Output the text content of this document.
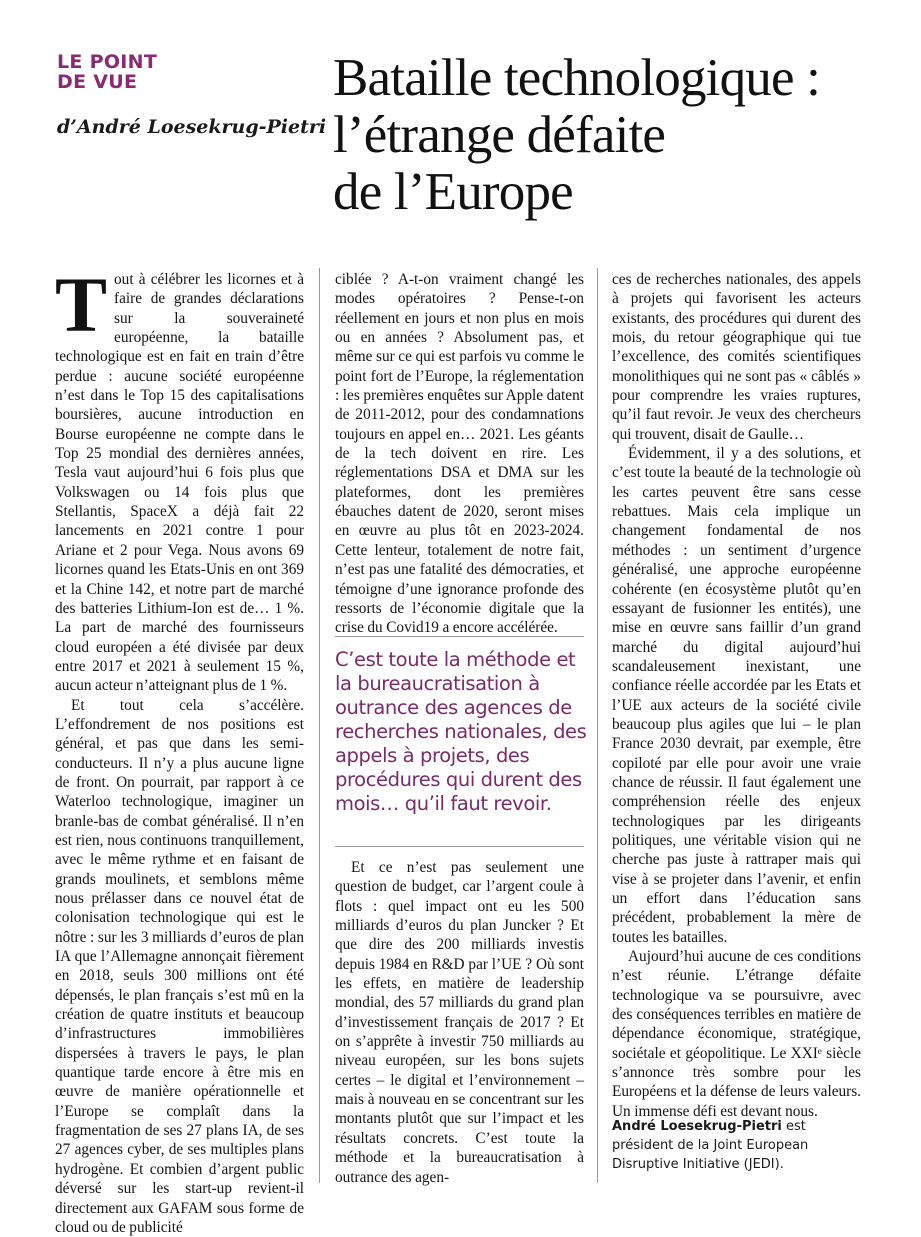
LE POINT
DE VUE
d’André Loesekrug-Pietri
Bataille technologique :
l’étrange défaite
de l’Europe

Tout à célébrer les licornes et à faire de grandes déclarations sur la souveraineté européenne, la bataille technologique est en fait en train d’être perdue : aucune société européenne n’est dans le Top 15 des capitalisations boursières, aucune introduction en Bourse européenne ne compte dans le Top 25 mondial des dernières années, Tesla vaut aujourd’hui 6 fois plus que Volkswagen ou 14 fois plus que Stellantis, SpaceX a déjà fait 22 lancements en 2021 contre 1 pour Ariane et 2 pour Vega. Nous avons 69 licornes quand les Etats-Unis en ont 369 et la Chine 142, et notre part de marché des batteries Lithium-Ion est de… 1 %. La part de marché des fournisseurs cloud européen a été divisée par deux entre 2017 et 2021 à seulement 15 %, aucun acteur n’atteignant plus de 1 %.

Et tout cela s’accélère. L’effondrement de nos positions est général, et pas que dans les semi-conducteurs. Il n’y a plus aucune ligne de front. On pourrait, par rapport à ce Waterloo technologique, imaginer un branle-bas de combat généralisé. Il n’en est rien, nous continuons tranquillement, avec le même rythme et en faisant de grands moulinets, et semblons même nous prélasser dans ce nouvel état de colonisation technologique qui est le nôtre : sur les 3 milliards d’euros de plan IA que l’Allemagne annonçait fièrement en 2018, seuls 300 millions ont été dépensés, le plan français s’est mû en la création de quatre instituts et beaucoup d’infrastructures immobilières dispersées à travers le pays, le plan quantique tarde encore à être mis en œuvre de manière opérationnelle et l’Europe se complaît dans la fragmentation de ses 27 plans IA, de ses 27 agences cyber, de ses multiples plans hydrogène. Et combien d’argent public déversé sur les start-up revient-il directement aux GAFAM sous forme de cloud ou de publicité

ciblée ? A-t-on vraiment changé les modes opératoires ? Pense-t-on réellement en jours et non plus en mois ou en années ? Absolument pas, et même sur ce qui est parfois vu comme le point fort de l’Europe, la réglementation : les premières enquêtes sur Apple datent de 2011-2012, pour des condamnations toujours en appel en… 2021. Les géants de la tech doivent en rire. Les réglementations DSA et DMA sur les plateformes, dont les premières ébauches datent de 2020, seront mises en œuvre au plus tôt en 2023-2024. Cette lenteur, totalement de notre fait, n’est pas une fatalité des démocraties, et témoigne d’une ignorance profonde des ressorts de l’économie digitale que la crise du Covid19 a encore accélérée.

C’est toute la méthode et la bureaucratisation à outrance des agences de recherches nationales, des appels à projets, des procédures qui durent des mois… qu’il faut revoir.

Et ce n’est pas seulement une question de budget, car l’argent coule à flots : quel impact ont eu les 500 milliards d’euros du plan Juncker ? Et que dire des 200 milliards investis depuis 1984 en R&D par l’UE ? Où sont les effets, en matière de leadership mondial, des 57 milliards du grand plan d’investissement français de 2017 ? Et on s’apprête à investir 750 milliards au niveau européen, sur les bons sujets certes – le digital et l’environnement – mais à nouveau en se concentrant sur les montants plutôt que sur l’impact et les résultats concrets. C’est toute la méthode et la bureaucratisation à outrance des agen-

ces de recherches nationales, des appels à projets qui favorisent les acteurs existants, des procédures qui durent des mois, du retour géographique qui tue l’excellence, des comités scientifiques monolithiques qui ne sont pas « câblés » pour comprendre les vraies ruptures, qu’il faut revoir. Je veux des chercheurs qui trouvent, disait de Gaulle…

Évidemment, il y a des solutions, et c’est toute la beauté de la technologie où les cartes peuvent être sans cesse rebattues. Mais cela implique un changement fondamental de nos méthodes : un sentiment d’urgence généralisé, une approche européenne cohérente (en écosystème plutôt qu’en essayant de fusionner les entités), une mise en œuvre sans faillir d’un grand marché du digital aujourd’hui scandaleusement inexistant, une confiance réelle accordée par les Etats et l’UE aux acteurs de la société civile beaucoup plus agiles que lui – le plan France 2030 devrait, par exemple, être copiloté par elle pour avoir une vraie chance de réussir. Il faut également une compréhension réelle des enjeux technologiques par les dirigeants politiques, une véritable vision qui ne cherche pas juste à rattraper mais qui vise à se projeter dans l’avenir, et enfin un effort dans l’éducation sans précédent, probablement la mère de toutes les batailles.

Aujourd’hui aucune de ces conditions n’est réunie. L’étrange défaite technologique va se poursuivre, avec des conséquences terribles en matière de dépendance économique, stratégique, sociétale et géopolitique. Le XXIᵉ siècle s’annonce très sombre pour les Européens et la défense de leurs valeurs. Un immense défi est devant nous.

André Loesekrug-Pietri est président de la Joint European Disruptive Initiative (JEDI).
